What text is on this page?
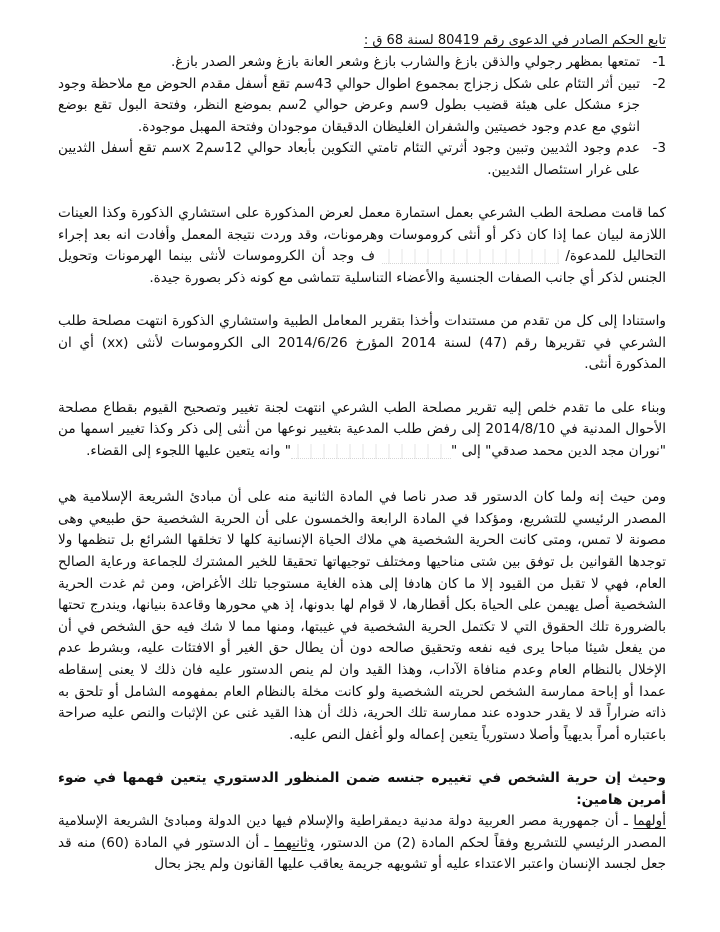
تابع الحكم الصادر في الدعوى رقم 80419 لسنة 68 ق :

-1
تمتعها بمظهر رجولي والذقن بازغ والشارب بازغ وشعر العانة بازغ وشعر الصدر بازغ.
-2
تبين أثر التئام على شكل زجزاج بمجموع اطوال حوالي 43سم تقع أسفل مقدم الحوض مع ملاحظة وجود جزء مشكل على هيئة قضيب بطول 9سم وعرض حوالي 2سم بموضع النظر، وفتحة البول تقع بوضع انثوي مع عدم وجود خصيتين والشفران الغليظان الدقيقان موجودان وفتحة المهبل موجودة.
-3
عدم وجود الثديين وتبين وجود أثرتي التئام تامتي التكوين بأبعاد حوالي 12سمx 2سم تقع أسفل الثديين على غرار استئصال الثديين.

كما قامت مصلحة الطب الشرعي بعمل استمارة معمل لعرض المذكورة على استشاري الذكورة وكذا العينات اللازمة لبيان عما إذا كان ذكر أو أنثى كروموسات وهرمونات، وقد وردت نتيجة المعمل وأفادت انه بعد إجراء التحاليل للمدعوة/  ف وجد أن الكروموسات لأنثى بينما الهرمونات وتحويل الجنس لذكر أي جانب الصفات الجنسية والأعضاء التناسلية تتماشى مع كونه ذكر بصورة جيدة.

واستنادا إلى كل من تقدم من مستندات وأخذا بتقرير المعامل الطبية واستشاري الذكورة انتهت مصلحة طلب الشرعي في تقريرها رقم (47) لسنة 2014 المؤرخ 2014/6/26 الى الكروموسات لأنثى (xx) أي ان المذكورة أنثى.

وبناء على ما تقدم خلص إليه تقرير مصلحة الطب الشرعي انتهت لجنة تغيير وتصحيح القيوم بقطاع مصلحة الأحوال المدنية في 2014/8/10 إلى رفض طلب المدعية بتغيير نوعها من أنثى إلى ذكر وكذا تغيير اسمها من "نوران مجد الدين محمد صدقي" إلى "" وانه يتعين عليها اللجوء إلى القضاء.

ومن حيث إنه ولما كان الدستور قد صدر ناصا في المادة الثانية منه على أن مبادئ الشريعة الإسلامية هي المصدر الرئيسي للتشريع، ومؤكدا في المادة الرابعة والخمسون على أن الحرية الشخصية حق طبيعي وهى مصونة لا تمس، ومتى كانت الحرية الشخصية هي ملاك الحياة الإنسانية كلها لا تخلقها الشرائع بل تنظمها ولا توجدها القوانين بل توفق بين شتى مناحيها ومختلف توجيهاتها تحقيقا للخير المشترك للجماعة ورعاية الصالح العام، فهي لا تقبل من القيود إلا ما كان هادفا إلى هذه الغاية مستوجبا تلك الأغراض، ومن ثم غدت الحرية الشخصية أصل يهيمن على الحياة بكل أقطارها، لا قوام لها بدونها، إذ هي محورها وقاعدة بنيانها، ويندرج تحتها بالضرورة تلك الحقوق التي لا تكتمل الحرية الشخصية في غيبتها، ومنها مما لا شك فيه حق الشخص في أن من يفعل شيئا مباحا يرى فيه نفعه وتحقيق صالحه دون أن يطال حق الغير أو الافتئات عليه، وبشرط عدم الإخلال بالنظام العام وعدم منافاة الآداب، وهذا القيد وان لم ينص الدستور عليه فان ذلك لا يعنى إسقاطه عمدا أو إباحة ممارسة الشخص لحريته الشخصية ولو كانت مخلة بالنظام العام بمفهومه الشامل أو تلحق به ذاته ضراراً قد لا يقدر حدوده عند ممارسة تلك الحرية، ذلك أن هذا القيد غنى عن الإثبات والنص عليه صراحة باعتباره أمراً بديهياً وأصلا دستورياً يتعين إعماله ولو أغفل النص عليه.

وحيث إن حرية الشخص في تغييره جنسه ضمن المنظور الدستوري يتعين فهمها في ضوء أمرين هامين:

أولهما ـ أن جمهورية مصر العربية دولة مدنية ديمقراطية والإسلام فيها دين الدولة ومبادئ الشريعة الإسلامية المصدر الرئيسي للتشريع وفقاً لحكم المادة (2) من الدستور، وثانيهما ـ أن الدستور في المادة (60) منه قد جعل لجسد الإنسان واعتبر الاعتداء عليه أو تشويهه جريمة يعاقب عليها القانون ولم يجز بحال
